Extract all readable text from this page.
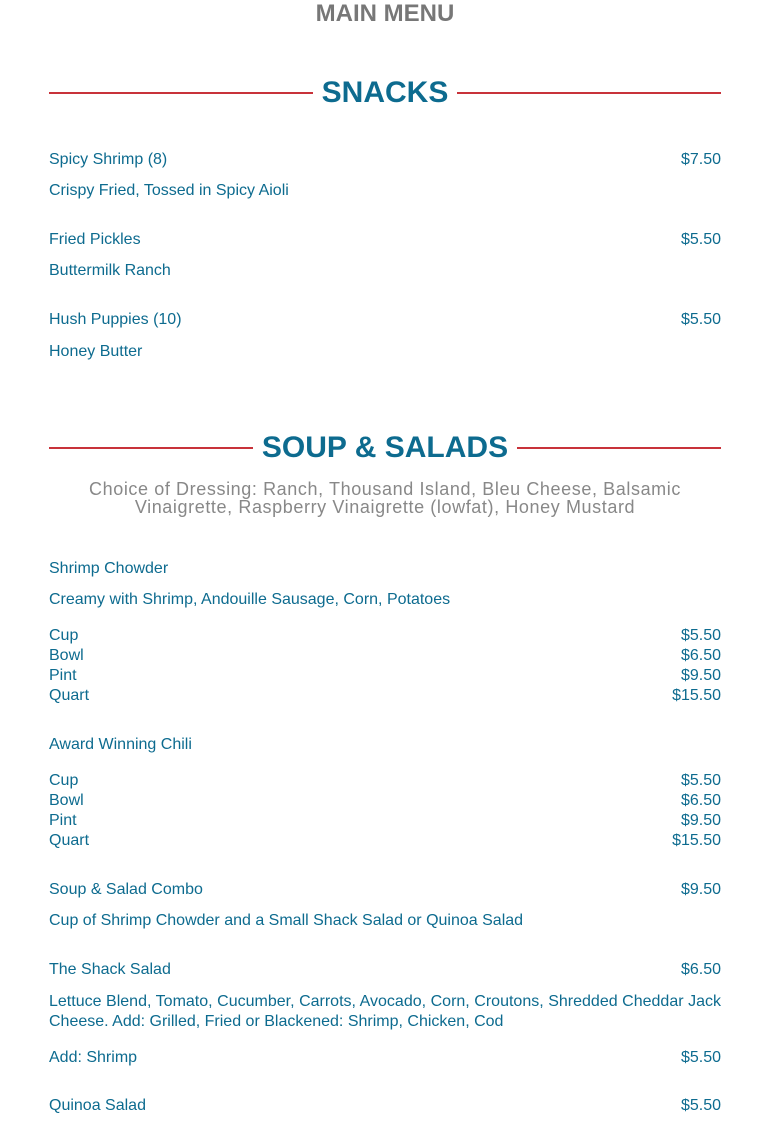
MAIN MENU
SNACKS
Spicy Shrimp (8)	$7.50
Crispy Fried, Tossed in Spicy Aioli
Fried Pickles	$5.50
Buttermilk Ranch
Hush Puppies (10)	$5.50
Honey Butter
SOUP & SALADS
Choice of Dressing: Ranch, Thousand Island, Bleu Cheese, Balsamic Vinaigrette, Raspberry Vinaigrette (lowfat), Honey Mustard
Shrimp Chowder
Creamy with Shrimp, Andouille Sausage, Corn, Potatoes
Cup	$5.50
Bowl	$6.50
Pint	$9.50
Quart	$15.50
Award Winning Chili
Cup	$5.50
Bowl	$6.50
Pint	$9.50
Quart	$15.50
Soup & Salad Combo	$9.50
Cup of Shrimp Chowder and a Small Shack Salad or Quinoa Salad
The Shack Salad	$6.50
Lettuce Blend, Tomato, Cucumber, Carrots, Avocado, Corn, Croutons, Shredded Cheddar Jack Cheese. Add: Grilled, Fried or Blackened: Shrimp, Chicken, Cod
Add: Shrimp	$5.50
Quinoa Salad	$5.50
